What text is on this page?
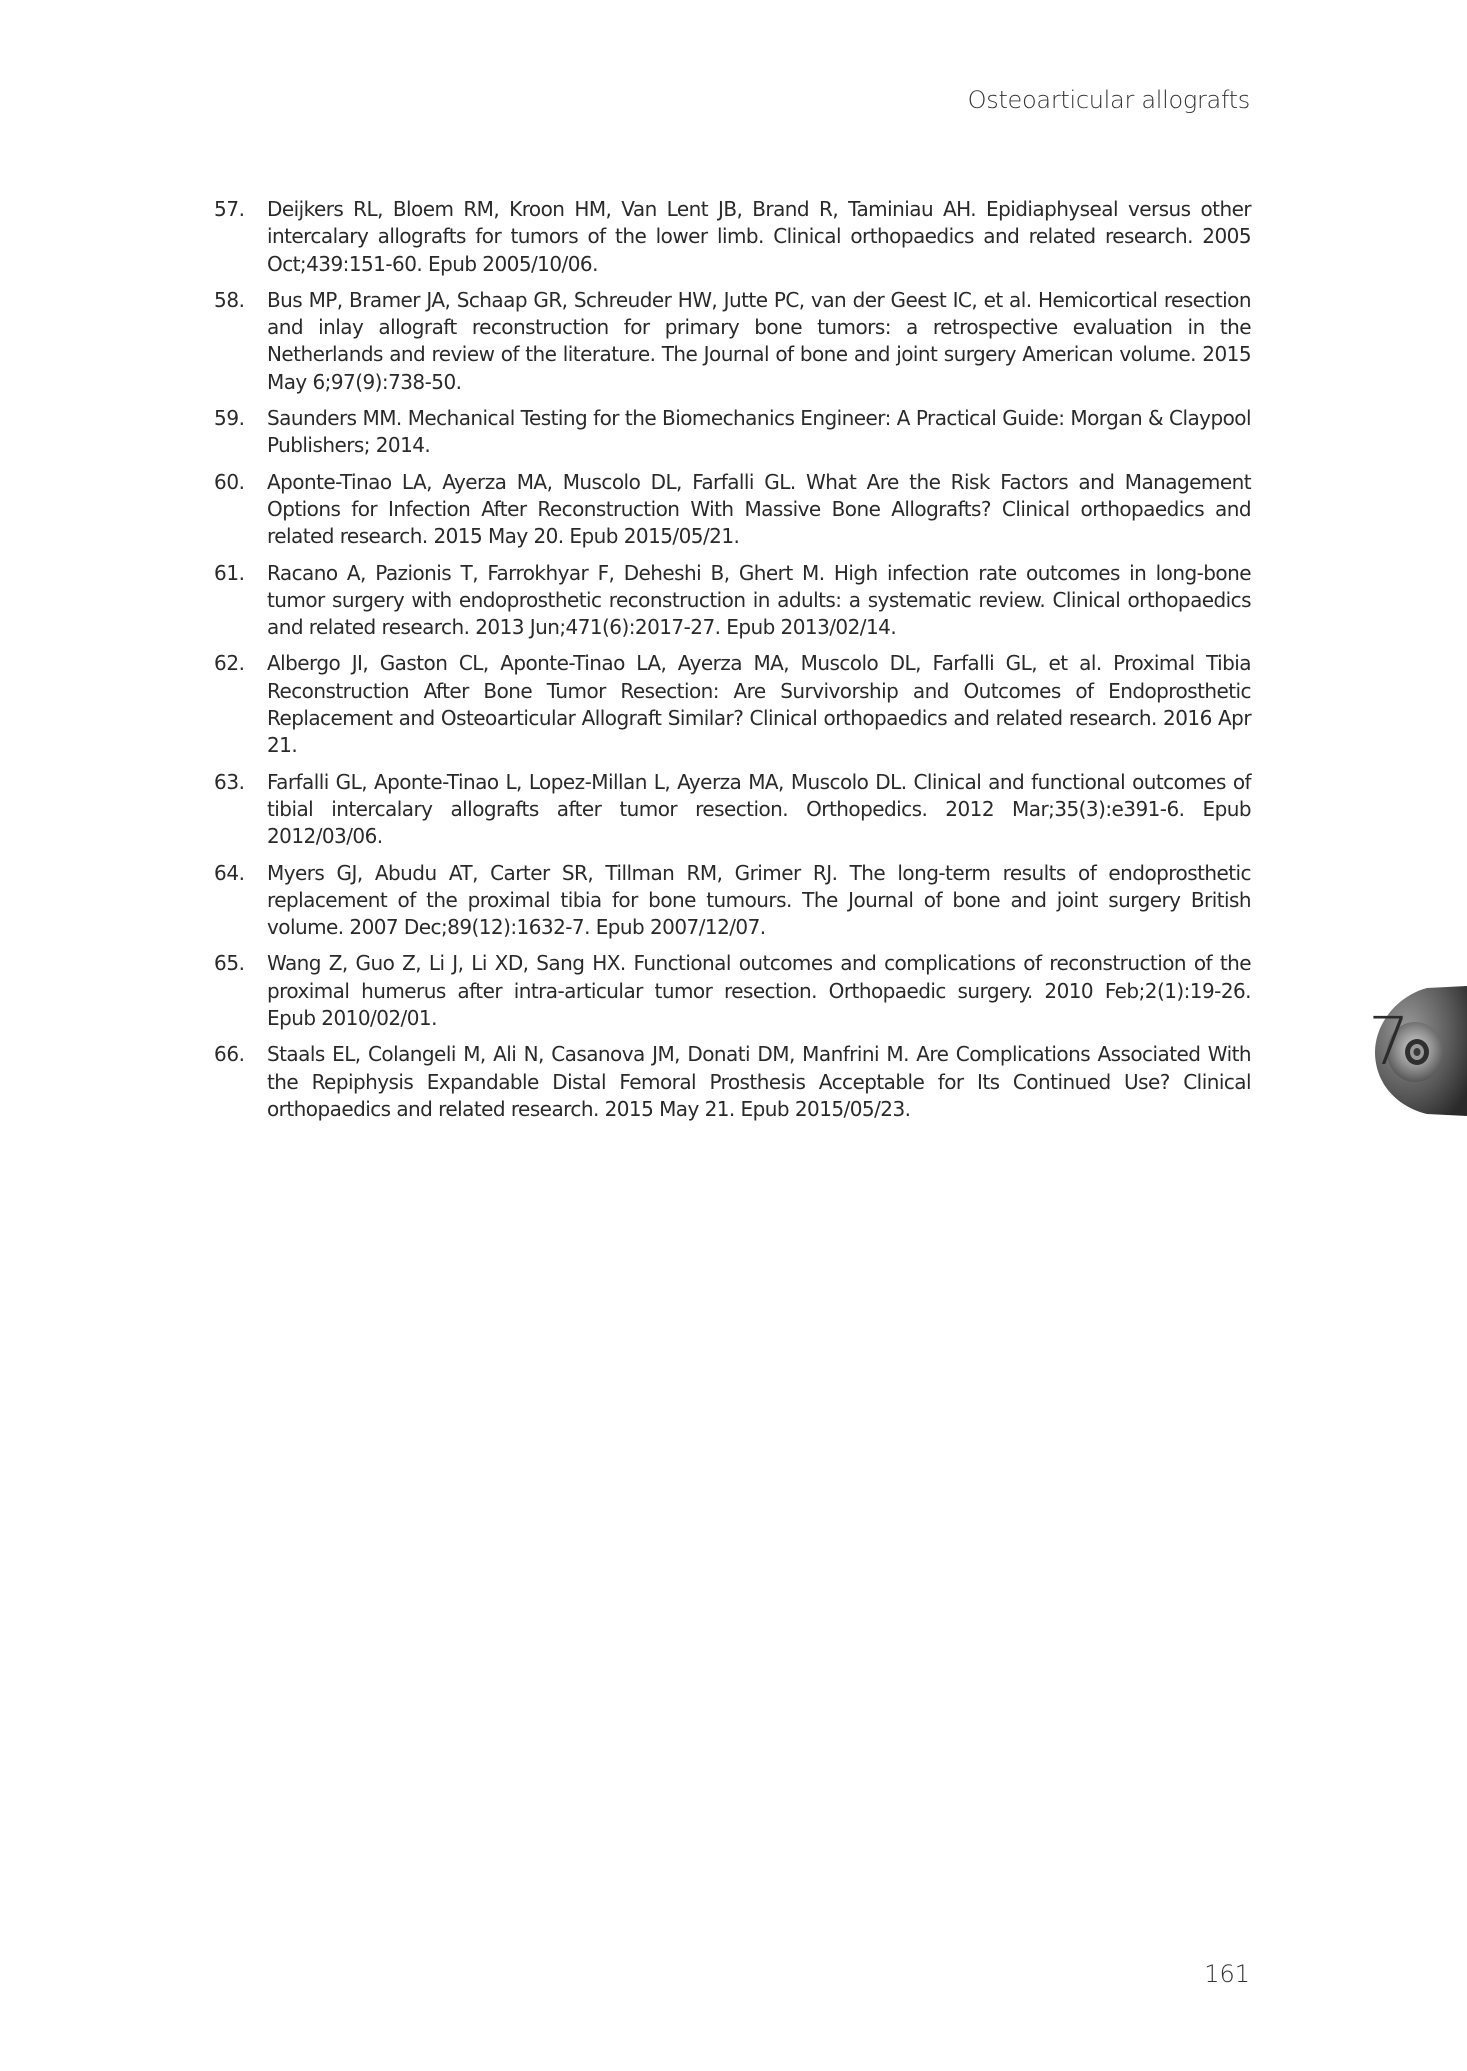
Osteoarticular allografts
57. Deijkers RL, Bloem RM, Kroon HM, Van Lent JB, Brand R, Taminiau AH. Epidiaphyseal versus other intercalary allografts for tumors of the lower limb. Clinical orthopaedics and related research. 2005 Oct;439:151-60. Epub 2005/10/06.
58. Bus MP, Bramer JA, Schaap GR, Schreuder HW, Jutte PC, van der Geest IC, et al. Hemicortical resection and inlay allograft reconstruction for primary bone tumors: a retrospective evaluation in the Netherlands and review of the literature. The Journal of bone and joint surgery American volume. 2015 May 6;97(9):738-50.
59. Saunders MM. Mechanical Testing for the Biomechanics Engineer: A Practical Guide: Morgan & Claypool Publishers; 2014.
60. Aponte-Tinao LA, Ayerza MA, Muscolo DL, Farfalli GL. What Are the Risk Factors and Management Options for Infection After Reconstruction With Massive Bone Allografts? Clinical orthopaedics and related research. 2015 May 20. Epub 2015/05/21.
61. Racano A, Pazionis T, Farrokhyar F, Deheshi B, Ghert M. High infection rate outcomes in long-bone tumor surgery with endoprosthetic reconstruction in adults: a systematic review. Clinical orthopaedics and related research. 2013 Jun;471(6):2017-27. Epub 2013/02/14.
62. Albergo JI, Gaston CL, Aponte-Tinao LA, Ayerza MA, Muscolo DL, Farfalli GL, et al. Proximal Tibia Reconstruction After Bone Tumor Resection: Are Survivorship and Outcomes of Endoprosthetic Replacement and Osteoarticular Allograft Similar? Clinical orthopaedics and related research. 2016 Apr 21.
63. Farfalli GL, Aponte-Tinao L, Lopez-Millan L, Ayerza MA, Muscolo DL. Clinical and functional outcomes of tibial intercalary allografts after tumor resection. Orthopedics. 2012 Mar;35(3):e391-6. Epub 2012/03/06.
64. Myers GJ, Abudu AT, Carter SR, Tillman RM, Grimer RJ. The long-term results of endoprosthetic replacement of the proximal tibia for bone tumours. The Journal of bone and joint surgery British volume. 2007 Dec;89(12):1632-7. Epub 2007/12/07.
65. Wang Z, Guo Z, Li J, Li XD, Sang HX. Functional outcomes and complications of reconstruction of the proximal humerus after intra-articular tumor resection. Orthopaedic surgery. 2010 Feb;2(1):19-26. Epub 2010/02/01.
66. Staals EL, Colangeli M, Ali N, Casanova JM, Donati DM, Manfrini M. Are Complications Associated With the Repiphysis Expandable Distal Femoral Prosthesis Acceptable for Its Continued Use? Clinical orthopaedics and related research. 2015 May 21. Epub 2015/05/23.
7
161
